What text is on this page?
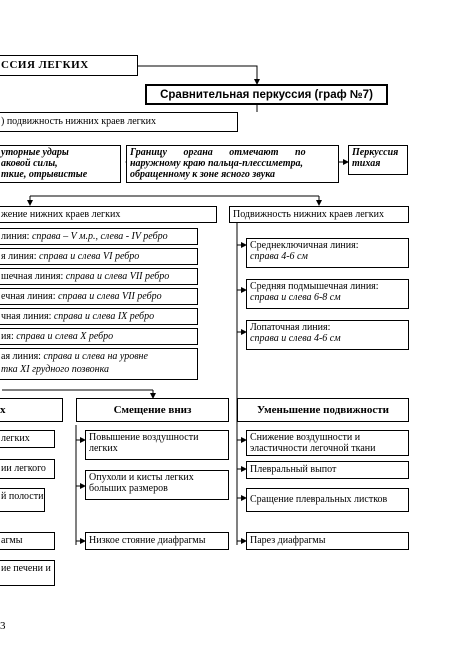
ССИЯ ЛЕГКИХ
Сравнительная перкуссия (граф №7)
) подвижность нижних краев легких
уторные удары
аковой силы,
ткие, отрывистые
Границу органа отмечают по
наружному краю пальца-плессиметра,
обращенному к зоне ясного звука
Перкуссия
тихая
жение нижних краев легких	Подвижность нижних краев легких
линия: справа – V м.р., слева - IV ребро
я линия: справа и слева VI ребро
шечная линия: справа и слева VII ребро
ечная линия: справа и слева VII ребро
чная линия: справа и слева IX ребро
ия: справа и слева X ребро
ая линия: справа и слева на уровне
тка XI грудного позвонка
Среднеключичная линия:
справа 4-6 см
Средняя подмышечная линия:
справа и слева 6-8 см
Лопаточная линия:
справа и слева 4-6 см
х
легких
ии легкого
й полости
агмы
ие печени и
Смещение вниз
Повышение воздушности
легких
Опухоли и кисты легких
больших размеров
Низкое стояние диафрагмы
Уменьшение подвижности
Снижение воздушности и
эластичности легочной ткани
Плевральный выпот
Сращение плевральных листков
Парез диафрагмы
3
